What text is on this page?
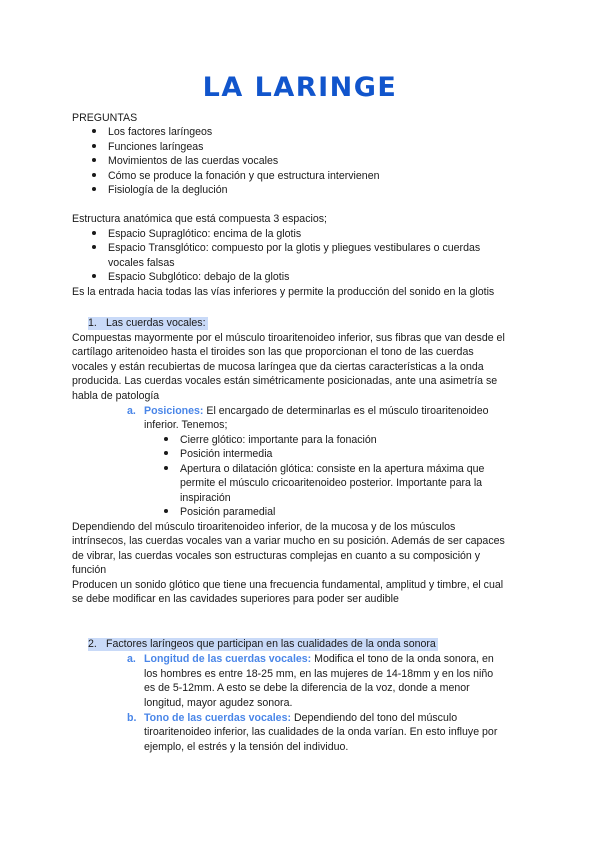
LA LARINGE
PREGUNTAS
Los factores laríngeos
Funciones laríngeas
Movimientos de las cuerdas vocales
Cómo se produce la fonación y que estructura intervienen
Fisiología de la deglución
Estructura anatómica que está compuesta 3 espacios;
Espacio Supraglótico: encima de la glotis
Espacio Transglótico: compuesto por la glotis y pliegues vestibulares o cuerdas
vocales falsas
Espacio Subglótico: debajo de la glotis
Es la entrada hacia todas las vías inferiores y permite la producción del sonido en la glotis
1. Las cuerdas vocales:
Compuestas mayormente por el músculo tiroaritenoideo inferior, sus fibras que van desde el
cartílago aritenoideo hasta el tiroides son las que proporcionan el tono de las cuerdas
vocales y están recubiertas de mucosa laríngea que da ciertas características a la onda
producida. Las cuerdas vocales están simétricamente posicionadas, ante una asimetría se
habla de patología
a. Posiciones: El encargado de determinarlas es el músculo tiroaritenoideo
inferior. Tenemos;
Cierre glótico: importante para la fonación
Posición intermedia
Apertura o dilatación glótica: consiste en la apertura máxima que
permite el músculo cricoaritenoideo posterior. Importante para la
inspiración
Posición paramedial
Dependiendo del músculo tiroaritenoideo inferior, de la mucosa y de los músculos
intrínsecos, las cuerdas vocales van a variar mucho en su posición. Además de ser capaces
de vibrar, las cuerdas vocales son estructuras complejas en cuanto a su composición y
función
Producen un sonido glótico que tiene una frecuencia fundamental, amplitud y timbre, el cual
se debe modificar en las cavidades superiores para poder ser audible
2. Factores laríngeos que participan en las cualidades de la onda sonora
a. Longitud de las cuerdas vocales: Modifica el tono de la onda sonora, en
los hombres es entre 18-25 mm, en las mujeres de 14-18mm y en los niño
es de 5-12mm. A esto se debe la diferencia de la voz, donde a menor
longitud, mayor agudez sonora.
b. Tono de las cuerdas vocales: Dependiendo del tono del músculo
tiroaritenoideo inferior, las cualidades de la onda varían. En esto influye por
ejemplo, el estrés y la tensión del individuo.
